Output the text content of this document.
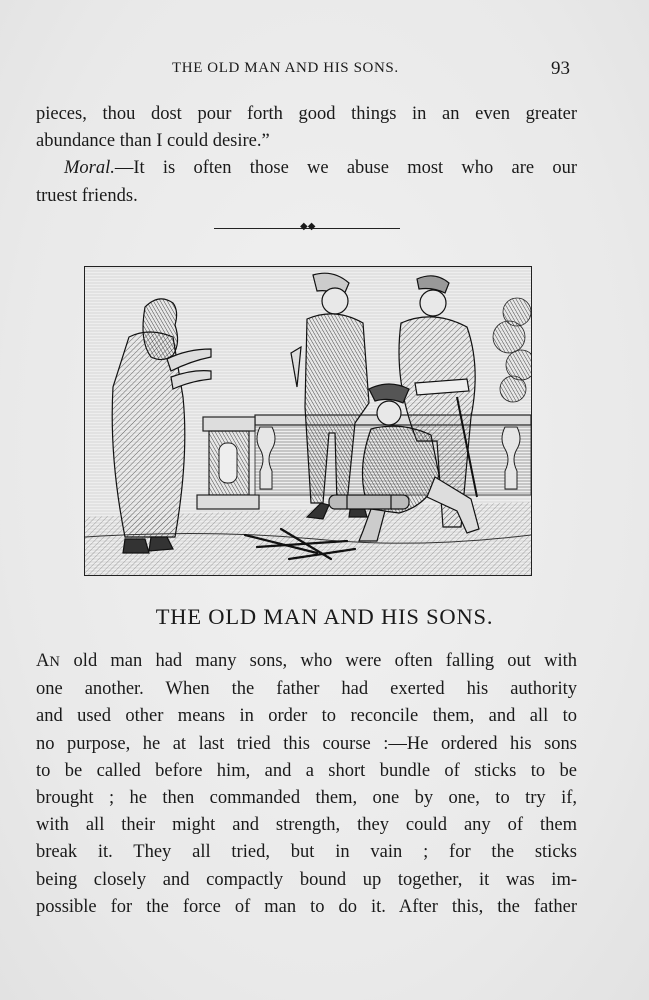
THE OLD MAN AND HIS SONS.	93
pieces, thou dost pour forth good things in an even greater
abundance than I could desire.”
Moral.—It is often those we abuse most who are our
truest friends.
◆◆
THE OLD MAN AND HIS SONS.
AN old man had many sons, who were often falling out with
one another. When the father had exerted his authority
and used other means in order to reconcile them, and all to
no purpose, he at last tried this course :—He ordered his sons
to be called before him, and a short bundle of sticks to be
brought ; he then commanded them, one by one, to try if,
with all their might and strength, they could any of them
break it. They all tried, but in vain ; for the sticks
being closely and compactly bound up together, it was im-
possible for the force of man to do it. After this, the father
